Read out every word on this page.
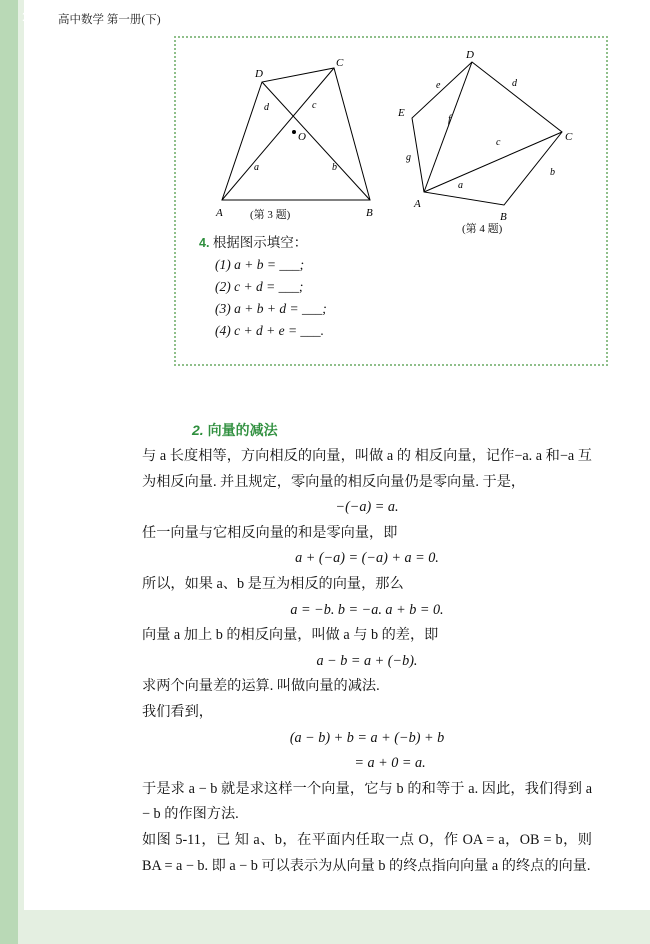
D
C
O
A	B
d	c
a	b
D
E
C
A
B
e	d
f
c
b
g
a
(第 3 题)
(第 4 题)
4. 根据图示填空：
(1) a + b = ___;
(2) c + d = ___;
(3) a + b + d = ___;
(4) c + d + e = ___.
2. 向量的减法

与 a 长度相等，方向相反的向量，叫做 a 的 相反向量，记作−a. a 和−a 互为相反向量. 并且规定，零向量的相反向量仍是零向量. 于是，

−(−a) = a.

任一向量与它相反向量的和是零向量，即

a + (−a) = (−a) + a = 0.

所以，如果 a、b 是互为相反的向量，那么

a = −b. b = −a. a + b = 0.

向量 a 加上 b 的相反向量，叫做 a 与 b 的差，即

a − b = a + (−b).

求两个向量差的运算. 叫做向量的减法.

我们看到，

(a − b) + b = a + (−b) + b

= a + 0 = a.

于是求 a − b 就是求这样一个向量，它与 b 的和等于 a. 因此，我们得到 a − b 的作图方法.

如图 5-11，已 知 a、b，在平面内任取一点 O，作 OA = a，OB = b，则 BA = a − b. 即 a − b 可以表示为从向量 b 的终点指向向量 a 的终点的向量.

102 高中数学 第一册(下)
